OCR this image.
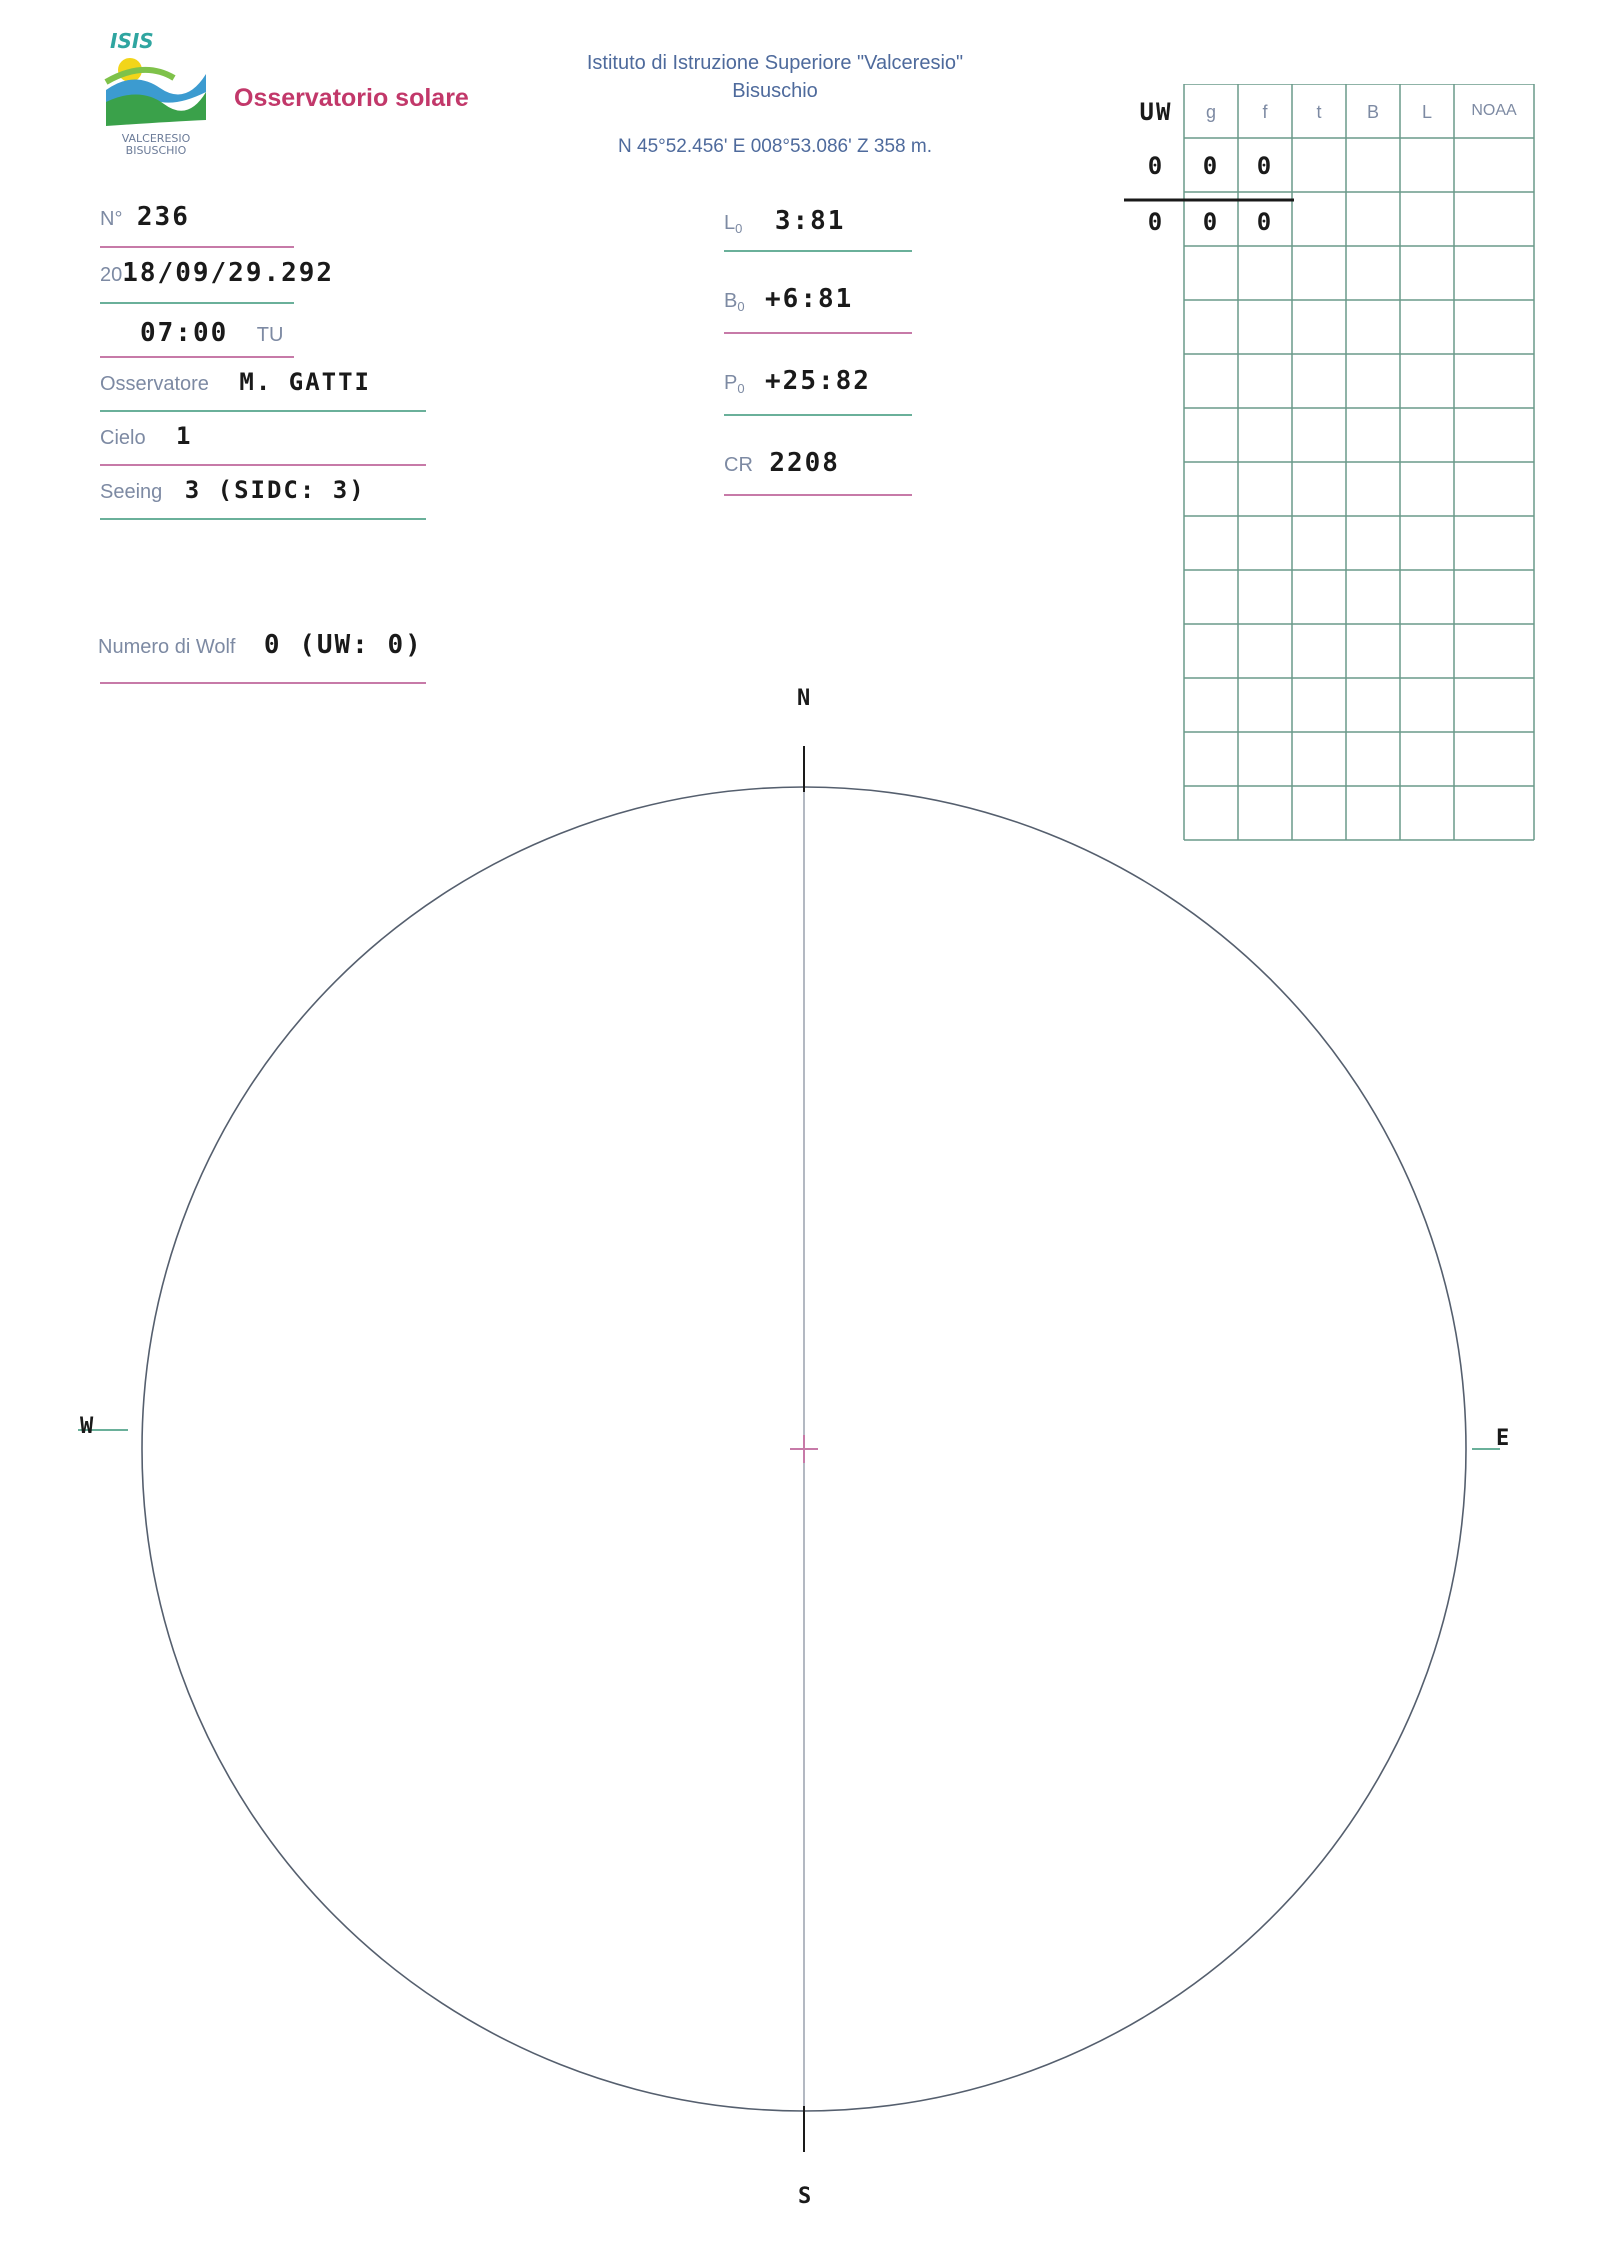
ISIS
VALCERESIO
BISUSCHIO
Osservatorio solare
Istituto di Istruzione Superiore "Valceresio"
Bisuschio
N 45°52.456' E 008°53.086' Z 358 m.
N° 236
2018/09/29.292
07:00 TU
Osservatore M. GATTI
Cielo 1
Seeing 3 (SIDC: 3)
Numero di Wolf 0 (UW: 0)
$L_0$ 3:81
$B_0$ +6:81
$P_0$ +25:82
CR 2208
UW	g	f	t	B	L	NOAA
0	0	0
0	0	0
N
S
E
W
